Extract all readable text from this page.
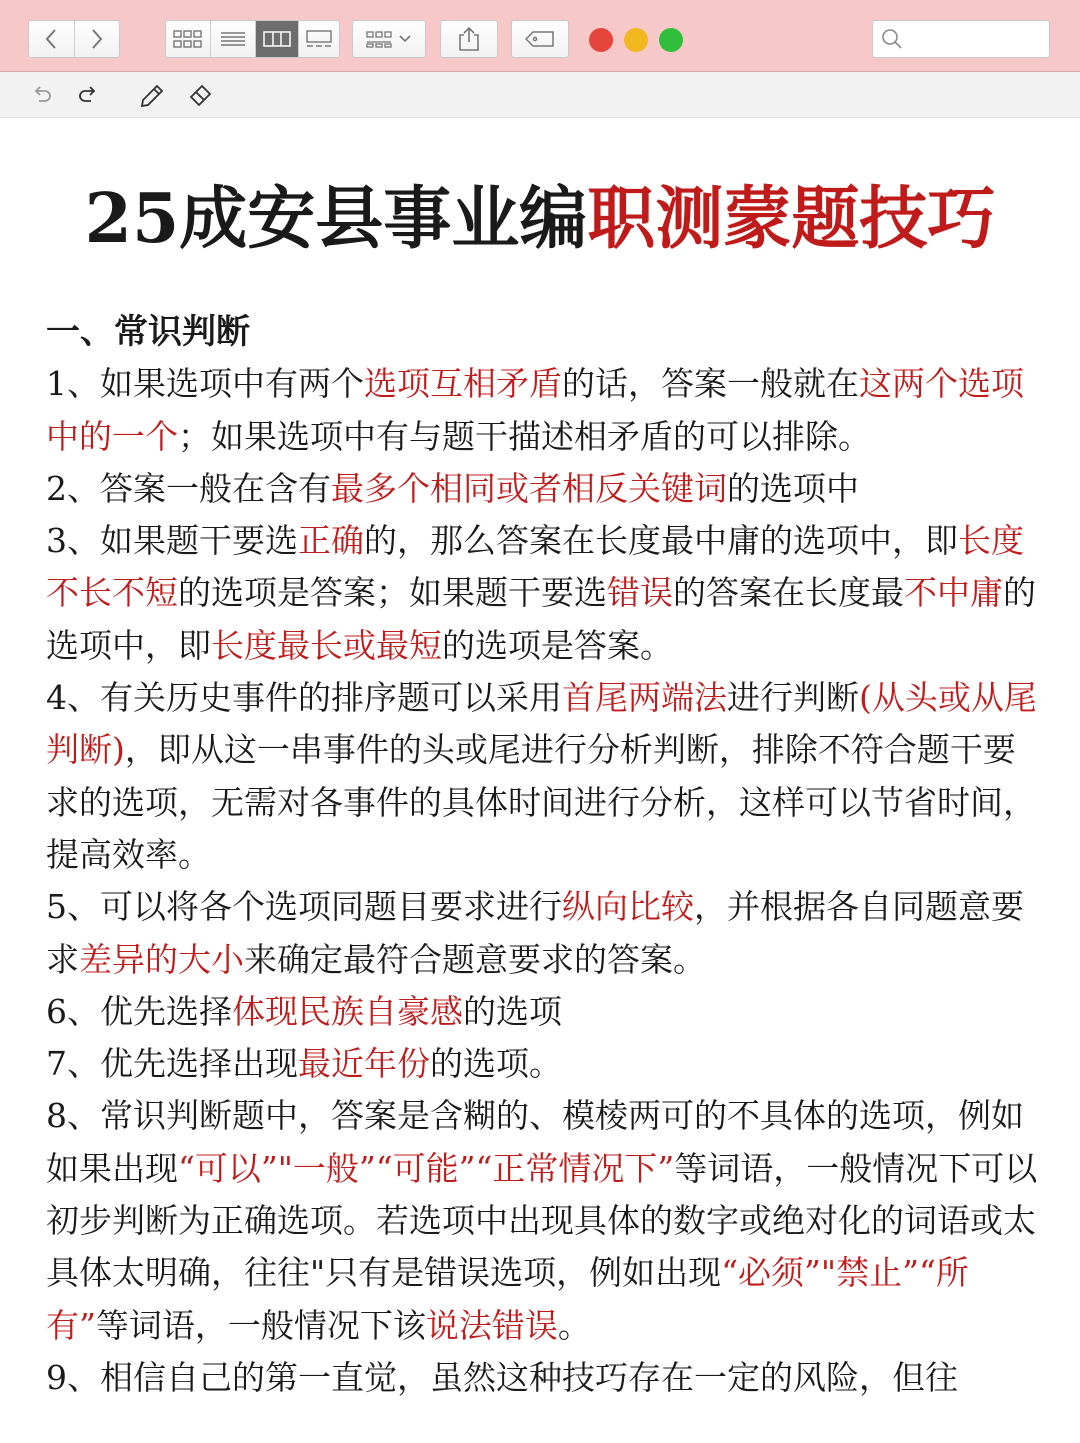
25成安县事业编职测蒙题技巧
一、常识判断
1、如果选项中有两个选项互相矛盾的话，答案一般就在这两个选项中的一个；如果选项中有与题干描述相矛盾的可以排除。
2、答案一般在含有最多个相同或者相反关键词的选项中
3、如果题干要选正确的，那么答案在长度最中庸的选项中，即长度不长不短的选项是答案；如果题干要选错误的答案在长度最不中庸的选项中，即长度最长或最短的选项是答案。
4、有关历史事件的排序题可以采用首尾两端法进行判断(从头或从尾判断)，即从这一串事件的头或尾进行分析判断，排除不符合题干要求的选项，无需对各事件的具体时间进行分析，这样可以节省时间，提高效率。
5、可以将各个选项同题目要求进行纵向比较，并根据各自同题意要求差异的大小来确定最符合题意要求的答案。
6、优先选择体现民族自豪感的选项
7、优先选择出现最近年份的选项。
8、常识判断题中，答案是含糊的、模棱两可的不具体的选项，例如如果出现“可以”"一般”“可能”“正常情况下”等词语，一般情况下可以初步判断为正确选项。若选项中出现具体的数字或绝对化的词语或太具体太明确，往往"只有是错误选项，例如出现“必须”"禁止”“所有”等词语，一般情况下该说法错误。
9、相信自己的第一直觉，虽然这种技巧存在一定的风险，但往
